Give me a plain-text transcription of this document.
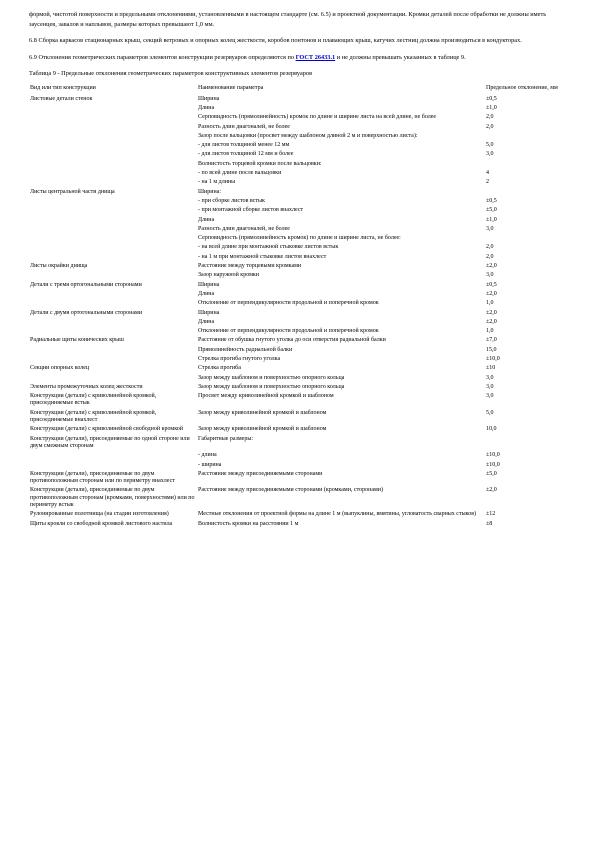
формой, чистотой поверхности и предельными отклонениями, установленными в настоящем стандарте (см. 6.5) и проектной документации. Кромки деталей после обработки не должны иметь заусенцев, завалов и наплывов, размеры которых превышают 1,0 мм.

6.8 Сборка каркасов стационарных крыш, секций ветровых и опорных колец жесткости, коробов понтонов и плавающих крыш, катучих лестниц должна производиться в кондукторах.

6.9 Отклонения геометрических параметров элементов конструкции резервуаров определяются по ГОСТ 26433.1 и не должны превышать указанных в таблице 9.

Таблица 9 - Предельные отклонения геометрических параметров конструктивных элементов резервуаров

Вид или тип конструкции	Наименование параметра	Предельное отклонение, мм
Листовые детали стенок	Ширина	±0,5
	Длина	±1,0
	Серповидность (прямолинейность) кромок по длине и ширине листа на всей длине, не более	2,0
	Разность длин диагоналей, не более	2,0
	Зазор после вальцовки (просвет между шаблоном длиной 2 м и поверхностью листа):	
	- для листов толщиной менее 12 мм	5,0
	- для листов толщиной 12 мм и более	3,0
	Волнистость торцевой кромки после вальцовки:	
	- по всей длине после вальцовки	4
	- на 1 м длины	2
Листы центральной части днища	Ширина:	
	- при сборке листов встык	±0,5
	- при монтажной сборке листов внахлест	±5,0
	Длина	±1,0
	Разность длин диагоналей, не более	3,0
	Серповидность (прямолинейность кромок) по длине и ширине листа, не более:	
	- на всей длине при монтажной стыковке листов встык	2,0
	- на 1 м при монтажной стыковке листов внахлест	2,0
Листы окрайки днища	Расстояние между торцевыми кромками	±2,0
	Зазор наружной кромки	3,0
Детали с тремя ортогональными сторонами	Ширина	±0,5
	Длина	±2,0
	Отклонение от перпендикулярности продольной и поперечной кромок	1,0
Детали с двумя ортогональными сторонами	Ширина	±2,0
	Длина	±2,0
	Отклонение от перпендикулярности продольной и поперечной кромок	1,0
Радиальные щиты конических крыш	Расстояние от обушка гнутого уголка до оси отверстия радиальной балки	±7,0
	Прямолинейность радиальной балки	15,0
	Стрелка прогиба гнутого уголка	±10,0
Секции опорных колец	Стрелка прогиба	±10
	Зазор между шаблоном и поверхностью опорного кольца	3,0
Элементы промежуточных колец жесткости	Зазор между шаблоном и поверхностью опорного кольца	3,0
Конструкции (детали) с криволинейной кромкой, присоединяемые встык	Просвет между криволинейной кромкой и шаблоном	3,0
Конструкции (детали) с криволинейной кромкой, присоединяемые внахлест	Зазор между криволинейной кромкой и шаблоном	5,0
Конструкции (детали) с криволинейной свободной кромкой	Зазор между криволинейной кромкой и шаблоном	10,0
Конструкции (детали), присоединяемые по одной стороне или двум смежным сторонам	Габаритные размеры:	
	- длина	±10,0
	- ширина	±10,0
Конструкции (детали), присоединяемые по двум противоположным сторонам или по периметру внахлест	Расстояние между присоединяемыми сторонами	±5,0
Конструкции (детали), присоединяемые по двум противоположным сторонам (кромками, поверхностями) или по периметру встык	Расстояние между присоединяемыми сторонами (кромками, сторонами)	±2,0
Рулонированные полотнища (на стадии изготовления)	Местные отклонения от проектной формы на длине 1 м (выпуклины, вмятины, угловатость сварных стыков)	±12
Щиты кровли со свободной кромкой листового настила	Волнистость кромки на расстоянии 1 м	±8
